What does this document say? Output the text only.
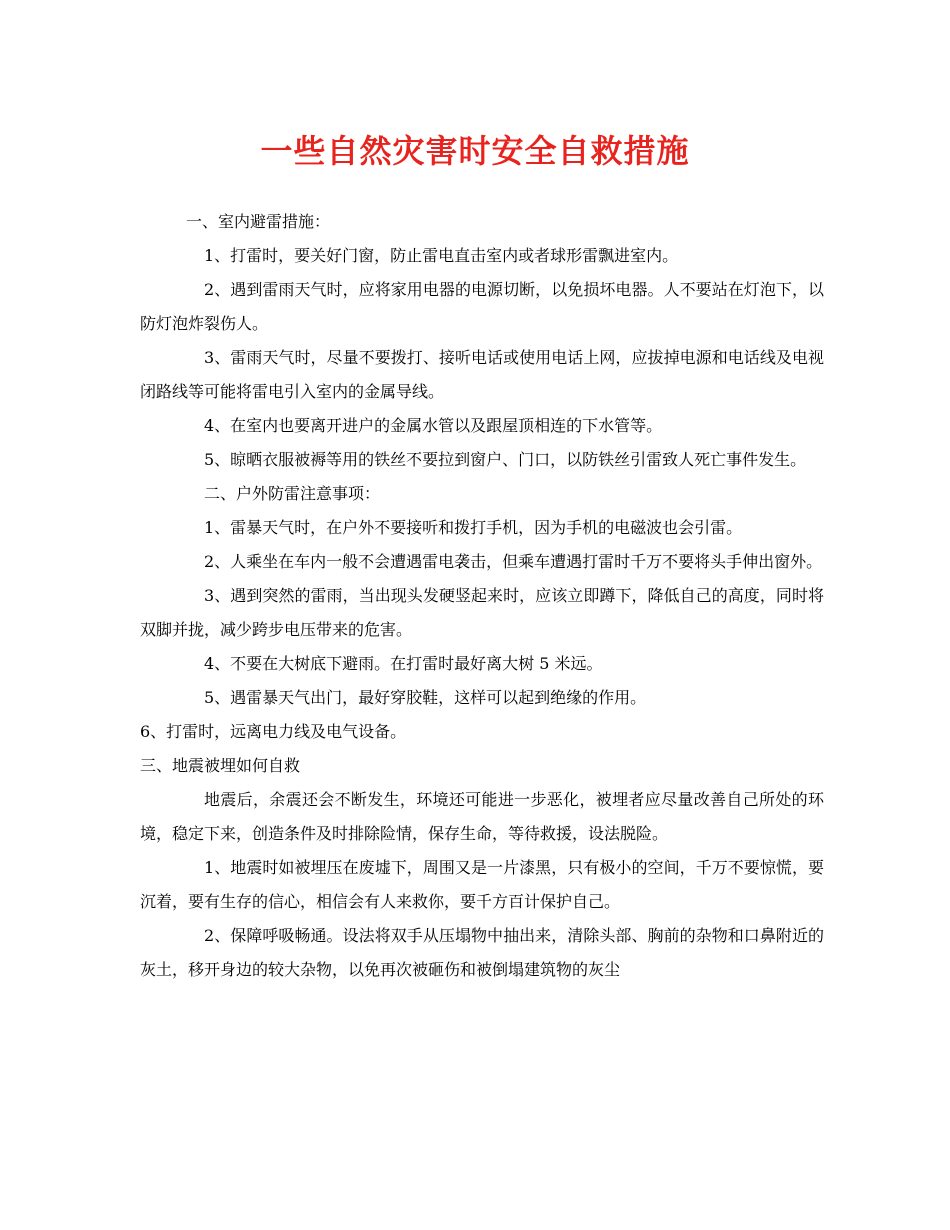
一些自然灾害时安全自救措施

一、室内避雷措施：

1、打雷时，要关好门窗，防止雷电直击室内或者球形雷飘进室内。

2、遇到雷雨天气时，应将家用电器的电源切断，以免损坏电器。人不要站在灯泡下，以防灯泡炸裂伤人。

3、雷雨天气时，尽量不要拨打、接听电话或使用电话上网，应拔掉电源和电话线及电视闭路线等可能将雷电引入室内的金属导线。

4、在室内也要离开进户的金属水管以及跟屋顶相连的下水管等。

5、晾晒衣服被褥等用的铁丝不要拉到窗户、门口，以防铁丝引雷致人死亡事件发生。

二、户外防雷注意事项：

1、雷暴天气时，在户外不要接听和拨打手机，因为手机的电磁波也会引雷。

2、人乘坐在车内一般不会遭遇雷电袭击，但乘车遭遇打雷时千万不要将头手伸出窗外。

3、遇到突然的雷雨，当出现头发硬竖起来时，应该立即蹲下，降低自己的高度，同时将双脚并拢，减少跨步电压带来的危害。

4、不要在大树底下避雨。在打雷时最好离大树 5 米远。

5、遇雷暴天气出门，最好穿胶鞋，这样可以起到绝缘的作用。

6、打雷时，远离电力线及电气设备。

三、地震被埋如何自救

地震后，余震还会不断发生，环境还可能进一步恶化，被埋者应尽量改善自己所处的环境，稳定下来，创造条件及时排除险情，保存生命，等待救援，设法脱险。

1、地震时如被埋压在废墟下，周围又是一片漆黑，只有极小的空间，千万不要惊慌，要沉着，要有生存的信心，相信会有人来救你，要千方百计保护自己。

2、保障呼吸畅通。设法将双手从压塌物中抽出来，清除头部、胸前的杂物和口鼻附近的灰土，移开身边的较大杂物，以免再次被砸伤和被倒塌建筑物的灰尘
